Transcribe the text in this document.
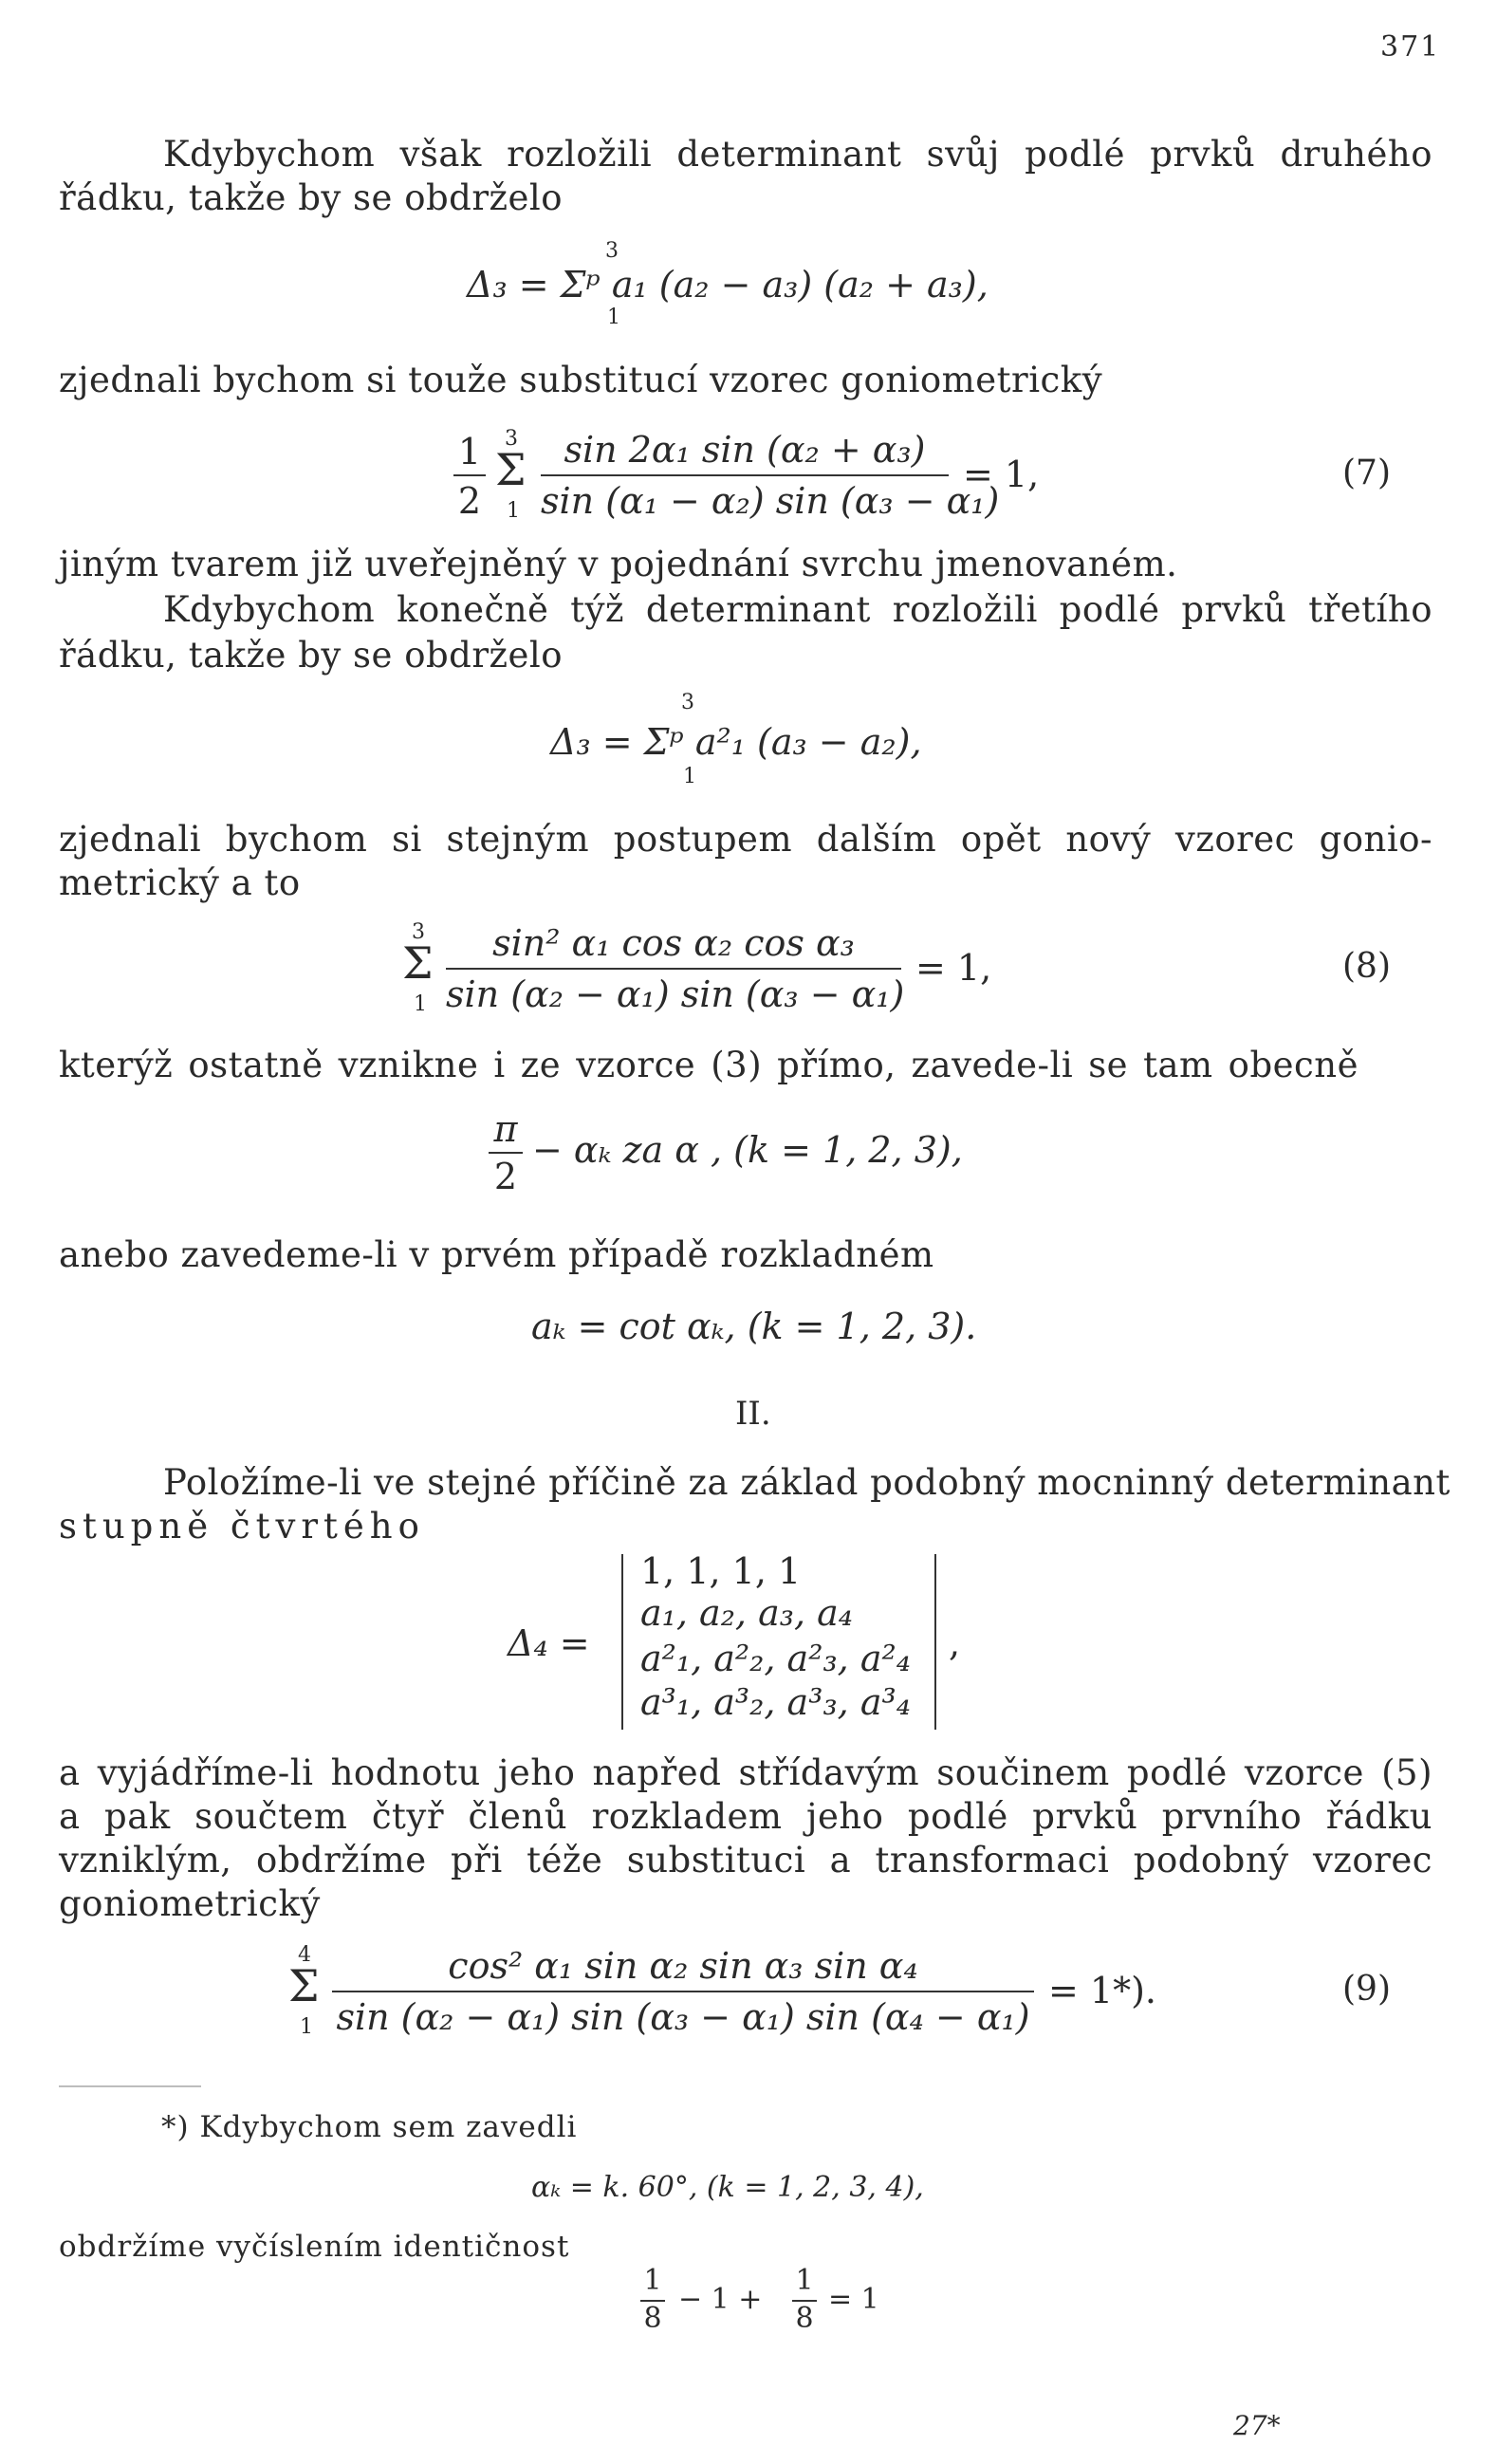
371
Kdybychom však rozložili determinant svůj podlé prvků druhého
řádku, takže by se obdrželo
3
Δ₃ = Σᵖ a₁ (a₂ − a₃) (a₂ + a₃),
1
zjednali bychom si touže substitucí vzorec goniometrický
1
2
3
Σ
1
sin 2α₁ sin (α₂ + α₃)
sin (α₁ − α₂) sin (α₃ − α₁)
= 1,	(7)
jiným tvarem již uveřejněný v pojednání svrchu jmenovaném.
Kdybychom konečně týž determinant rozložili podlé prvků třetího
řádku, takže by se obdrželo
3
Δ₃ = Σᵖ a²₁ (a₃ − a₂),
1
zjednali bychom si stejným postupem dalším opět nový vzorec gonio-
metrický a to
3
Σ
1
sin² α₁ cos α₂ cos α₃
sin (α₂ − α₁) sin (α₃ − α₁)
= 1,	(8)
kterýž ostatně vznikne i ze vzorce (3) přímo, zavede-li se tam obecně
π
2
− αₖ za α , (k = 1, 2, 3),
anebo zavedeme-li v prvém případě rozkladném
aₖ = cot αₖ, (k = 1, 2, 3).
II.
Položíme-li ve stejné příčině za základ podobný mocninný determinant
stupně čtvrtého
Δ₄ =
1, 1, 1, 1
a₁, a₂, a₃, a₄
a²₁, a²₂, a²₃, a²₄
a³₁, a³₂, a³₃, a³₄
,
a vyjádříme-li hodnotu jeho napřed střídavým součinem podlé vzorce (5)
a pak součtem čtyř členů rozkladem jeho podlé prvků prvního řádku
vzniklým, obdržíme při téže substituci a transformaci podobný vzorec
goniometrický
4
Σ
1
cos² α₁ sin α₂ sin α₃ sin α₄
sin (α₂ − α₁) sin (α₃ − α₁) sin (α₄ − α₁)
= 1*).	(9)
*) Kdybychom sem zavedli
αₖ = k. 60°, (k = 1, 2, 3, 4),
obdržíme vyčíslením identičnost
1
8
− 1 +
1
8
= 1
27*
